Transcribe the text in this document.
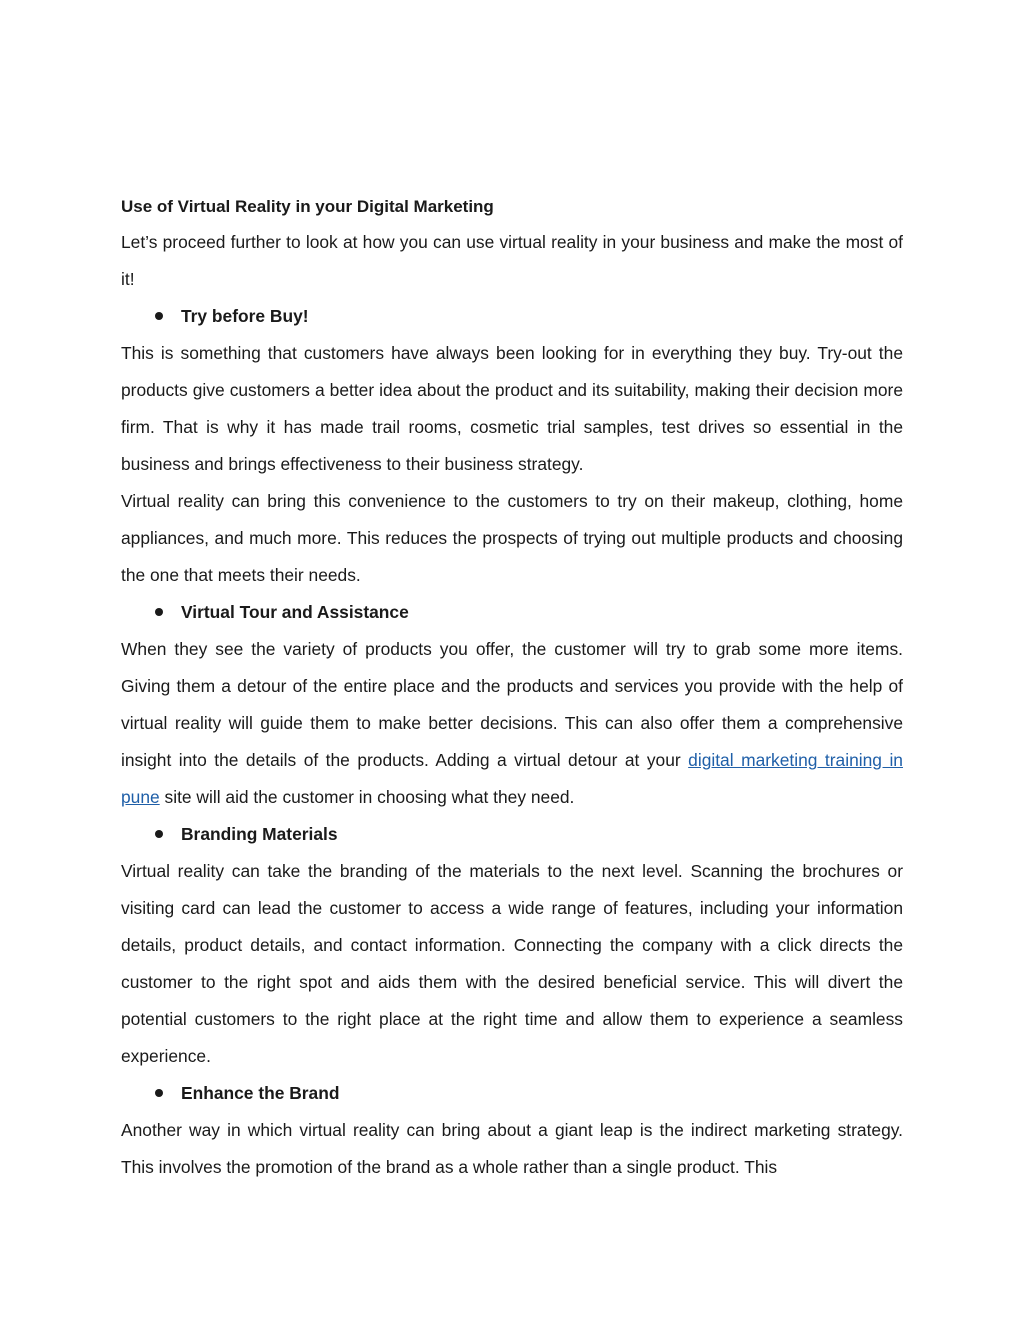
Use of Virtual Reality in your Digital Marketing

Let’s proceed further to look at how you can use virtual reality in your business and make the most of it!

Try before Buy!

This is something that customers have always been looking for in everything they buy. Try-out the products give customers a better idea about the product and its suitability, making their decision more firm. That is why it has made trail rooms, cosmetic trial samples, test drives so essential in the business and brings effectiveness to their business strategy.

Virtual reality can bring this convenience to the customers to try on their makeup, clothing, home appliances, and much more. This reduces the prospects of trying out multiple products and choosing the one that meets their needs.

Virtual Tour and Assistance

When they see the variety of products you offer, the customer will try to grab some more items. Giving them a detour of the entire place and the products and services you provide with the help of virtual reality will guide them to make better decisions. This can also offer them a comprehensive insight into the details of the products. Adding a virtual detour at your digital marketing training in pune site will aid the customer in choosing what they need.

Branding Materials

Virtual reality can take the branding of the materials to the next level. Scanning the brochures or visiting card can lead the customer to access a wide range of features, including your information details, product details, and contact information. Connecting the company with a click directs the customer to the right spot and aids them with the desired beneficial service. This will divert the potential customers to the right place at the right time and allow them to experience a seamless experience.

Enhance the Brand

Another way in which virtual reality can bring about a giant leap is the indirect marketing strategy. This involves the promotion of the brand as a whole rather than a single product. This
